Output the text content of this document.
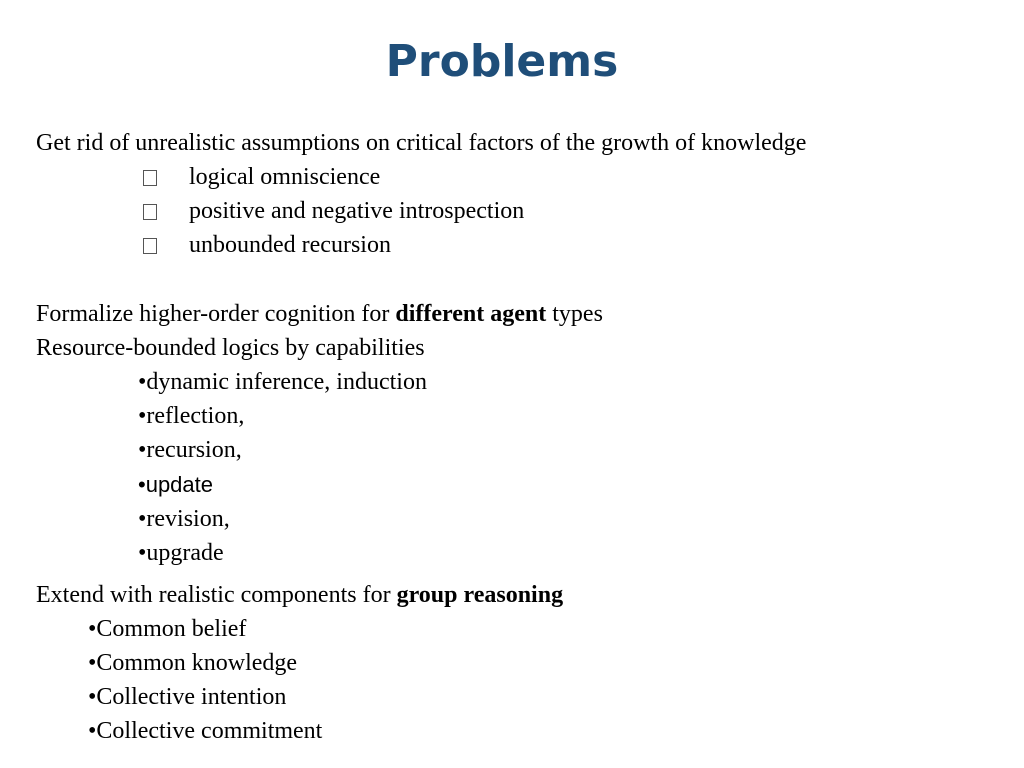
Problems
Get rid of unrealistic assumptions on critical factors of the growth of knowledge
logical omniscience
positive and negative introspection
unbounded recursion
Formalize higher-order cognition for different agent types
Resource-bounded logics by capabilities
•dynamic inference, induction
•reflection,
•recursion,
•update
•revision,
•upgrade
Extend with realistic components for group reasoning
•Common belief
•Common knowledge
•Collective intention
•Collective commitment
